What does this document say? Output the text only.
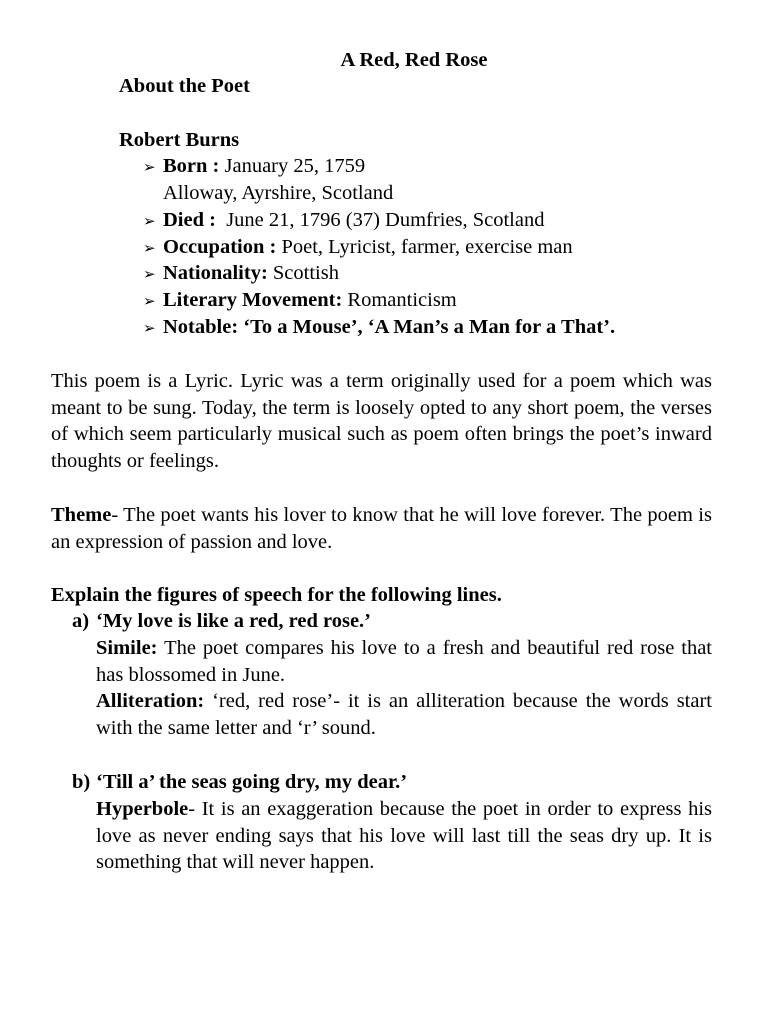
A Red, Red Rose
About the Poet
Robert Burns
➢ Born : January 25, 1759
Alloway, Ayrshire, Scotland
➢ Died :  June 21, 1796 (37) Dumfries, Scotland
➢ Occupation : Poet, Lyricist, farmer, exercise man
➢ Nationality: Scottish
➢ Literary Movement: Romanticism
➢ Notable: ‘To a Mouse’, ‘A Man’s a Man for a That’.
This poem is a Lyric. Lyric was a term originally used for a poem which was meant to be sung. Today, the term is loosely opted to any short poem, the verses of which seem particularly musical such as poem often brings the poet’s inward thoughts or feelings.
Theme- The poet wants his lover to know that he will love forever. The poem is an expression of passion and love.
Explain the figures of speech for the following lines.
a) ‘My love is like a red, red rose.’
Simile: The poet compares his love to a fresh and beautiful red rose that has blossomed in June.
Alliteration: ‘red, red rose’- it is an alliteration because the words start with the same letter and ‘r’ sound.
b) ‘Till a’ the seas going dry, my dear.’
Hyperbole- It is an exaggeration because the poet in order to express his love as never ending says that his love will last till the seas dry up. It is something that will never happen.
